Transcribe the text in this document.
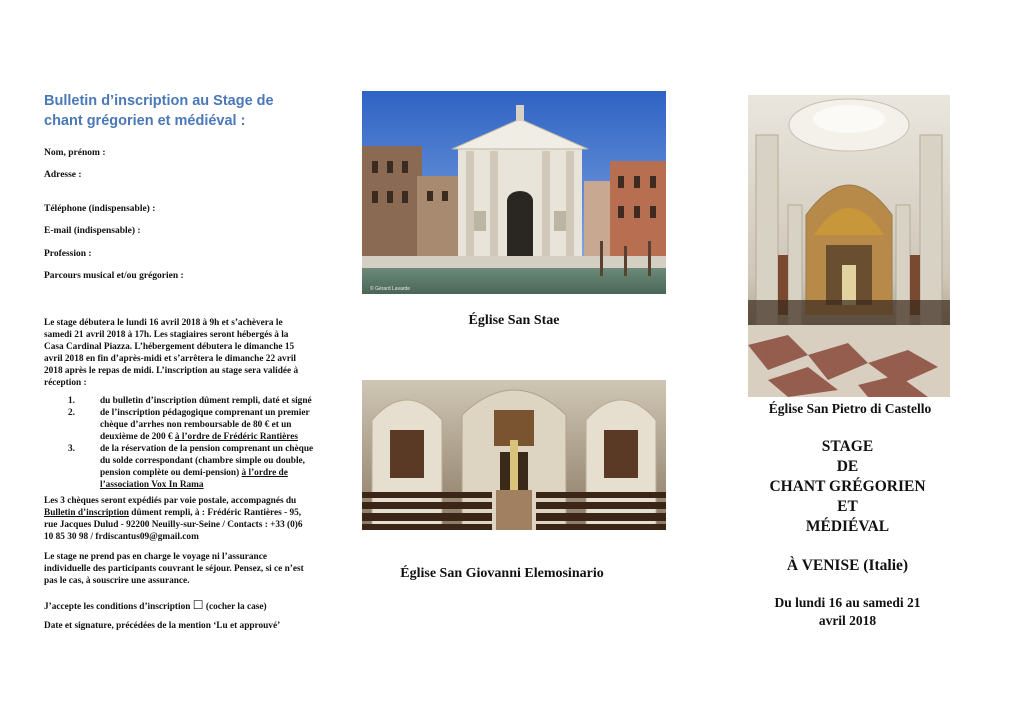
Bulletin d’inscription au Stage de
chant grégorien et médiéval :
Nom, prénom :
Adresse :
Téléphone (indispensable) :
E-mail (indispensable) :
Profession :
Parcours musical et/ou grégorien :
Le stage débutera le lundi 16 avril 2018 à 9h et s’achèvera le
samedi 21 avril 2018 à 17h. Les stagiaires seront hébergés à la
Casa Cardinal Piazza. L’hébergement débutera le dimanche 15
avril 2018 en fin d’après-midi et s’arrêtera le dimanche 22 avril
2018 après le repas de midi. L’inscription au stage sera validée à
réception :
1.	du bulletin d’inscription dûment rempli, daté et signé
2.	de l’inscription pédagogique comprenant un premier
chèque d’arrhes non remboursable de 80 € et un
deuxième de 200 € à l’ordre de Frédéric Rantières
3.	de la réservation de la pension comprenant un chèque
du solde correspondant (chambre simple ou double,
pension complète ou demi-pension) à l’ordre de
l’association Vox In Rama
Les 3 chèques seront expédiés par voie postale, accompagnés du
Bulletin d’inscription dûment rempli, à : Frédéric Rantières - 95,
rue Jacques Dulud - 92200 Neuilly-sur-Seine / Contacts : +33 (0)6
10 85 30 98 / frdiscantus09@gmail.com
Le stage ne prend pas en charge le voyage ni l’assurance
individuelle des participants couvrant le séjour. Pensez, si ce n’est
pas le cas, à souscrire une assurance.
J’accepte les conditions d’inscription ☐ (cocher la case)
Date et signature, précédées de la mention ‘Lu et approuvé’
© Gérard Lavarde
Église San Stae
Église San Giovanni Elemosinario
Église San Pietro di Castello
STAGE
DE
CHANT GRÉGORIEN
ET
MÉDIÉVAL
À VENISE (Italie)
Du lundi 16 au samedi 21
avril 2018
